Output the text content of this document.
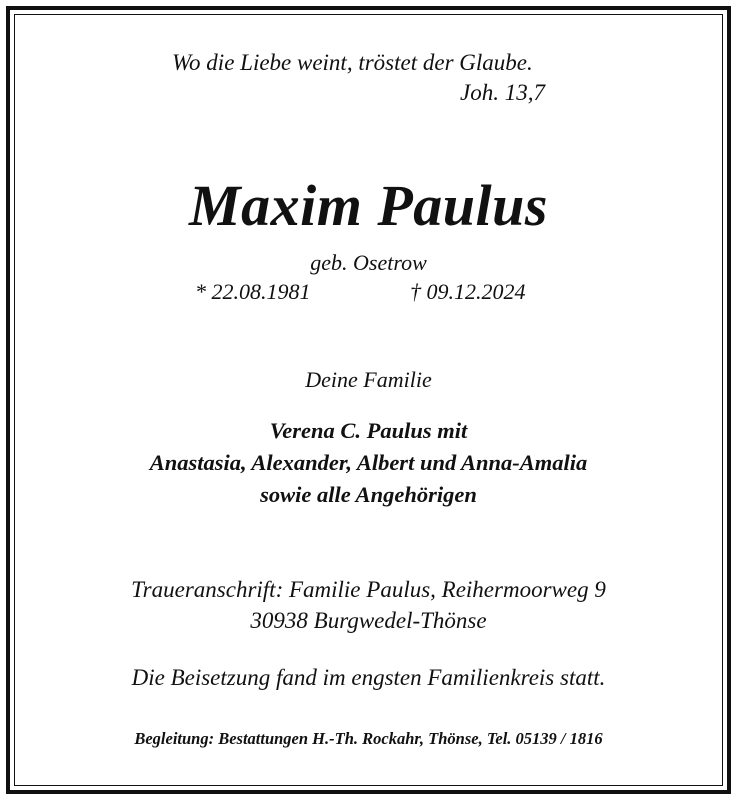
Wo die Liebe weint, tröstet der Glaube.
Joh. 13,7
Maxim Paulus
geb. Osetrow
* 22.08.1981	† 09.12.2024
Deine Familie
Verena C. Paulus mit
Anastasia, Alexander, Albert und Anna-Amalia
sowie alle Angehörigen
Traueranschrift: Familie Paulus, Reihermoorweg 9
30938 Burgwedel-Thönse
Die Beisetzung fand im engsten Familienkreis statt.
Begleitung: Bestattungen H.-Th. Rockahr, Thönse, Tel. 05139 / 1816
